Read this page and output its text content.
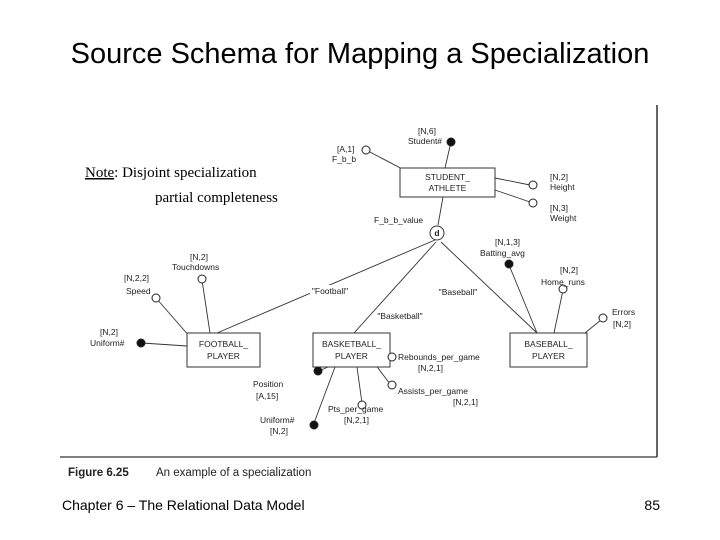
Source Schema for Mapping a Specialization
STUDENT_
ATHLETE
FOOTBALL_
PLAYER
BASKETBALL_
PLAYER
BASEBALL_
PLAYER
d
"Football"
"Basketball"
"Baseball"
[N,6]
Student#
[A,1]
F_b_b
[N,2]
Height
[N,3]
Weight
F_b_b_value
[N,2]
Touchdowns
[N,2,2]
Speed
[N,2]
Uniform#
[N,1,3]
Batting_avg
[N,2]
Home_runs
Errors
[N,2]
Rebounds_per_game
[N,2,1]
Assists_per_game
[N,2,1]
Pts_per_game
[N,2,1]
Position
[A,15]
Uniform#
[N,2]
Note: Disjoint specialization
partial completeness
Figure 6.25 An example of a specialization
Chapter 6 – The Relational Data Model	85
